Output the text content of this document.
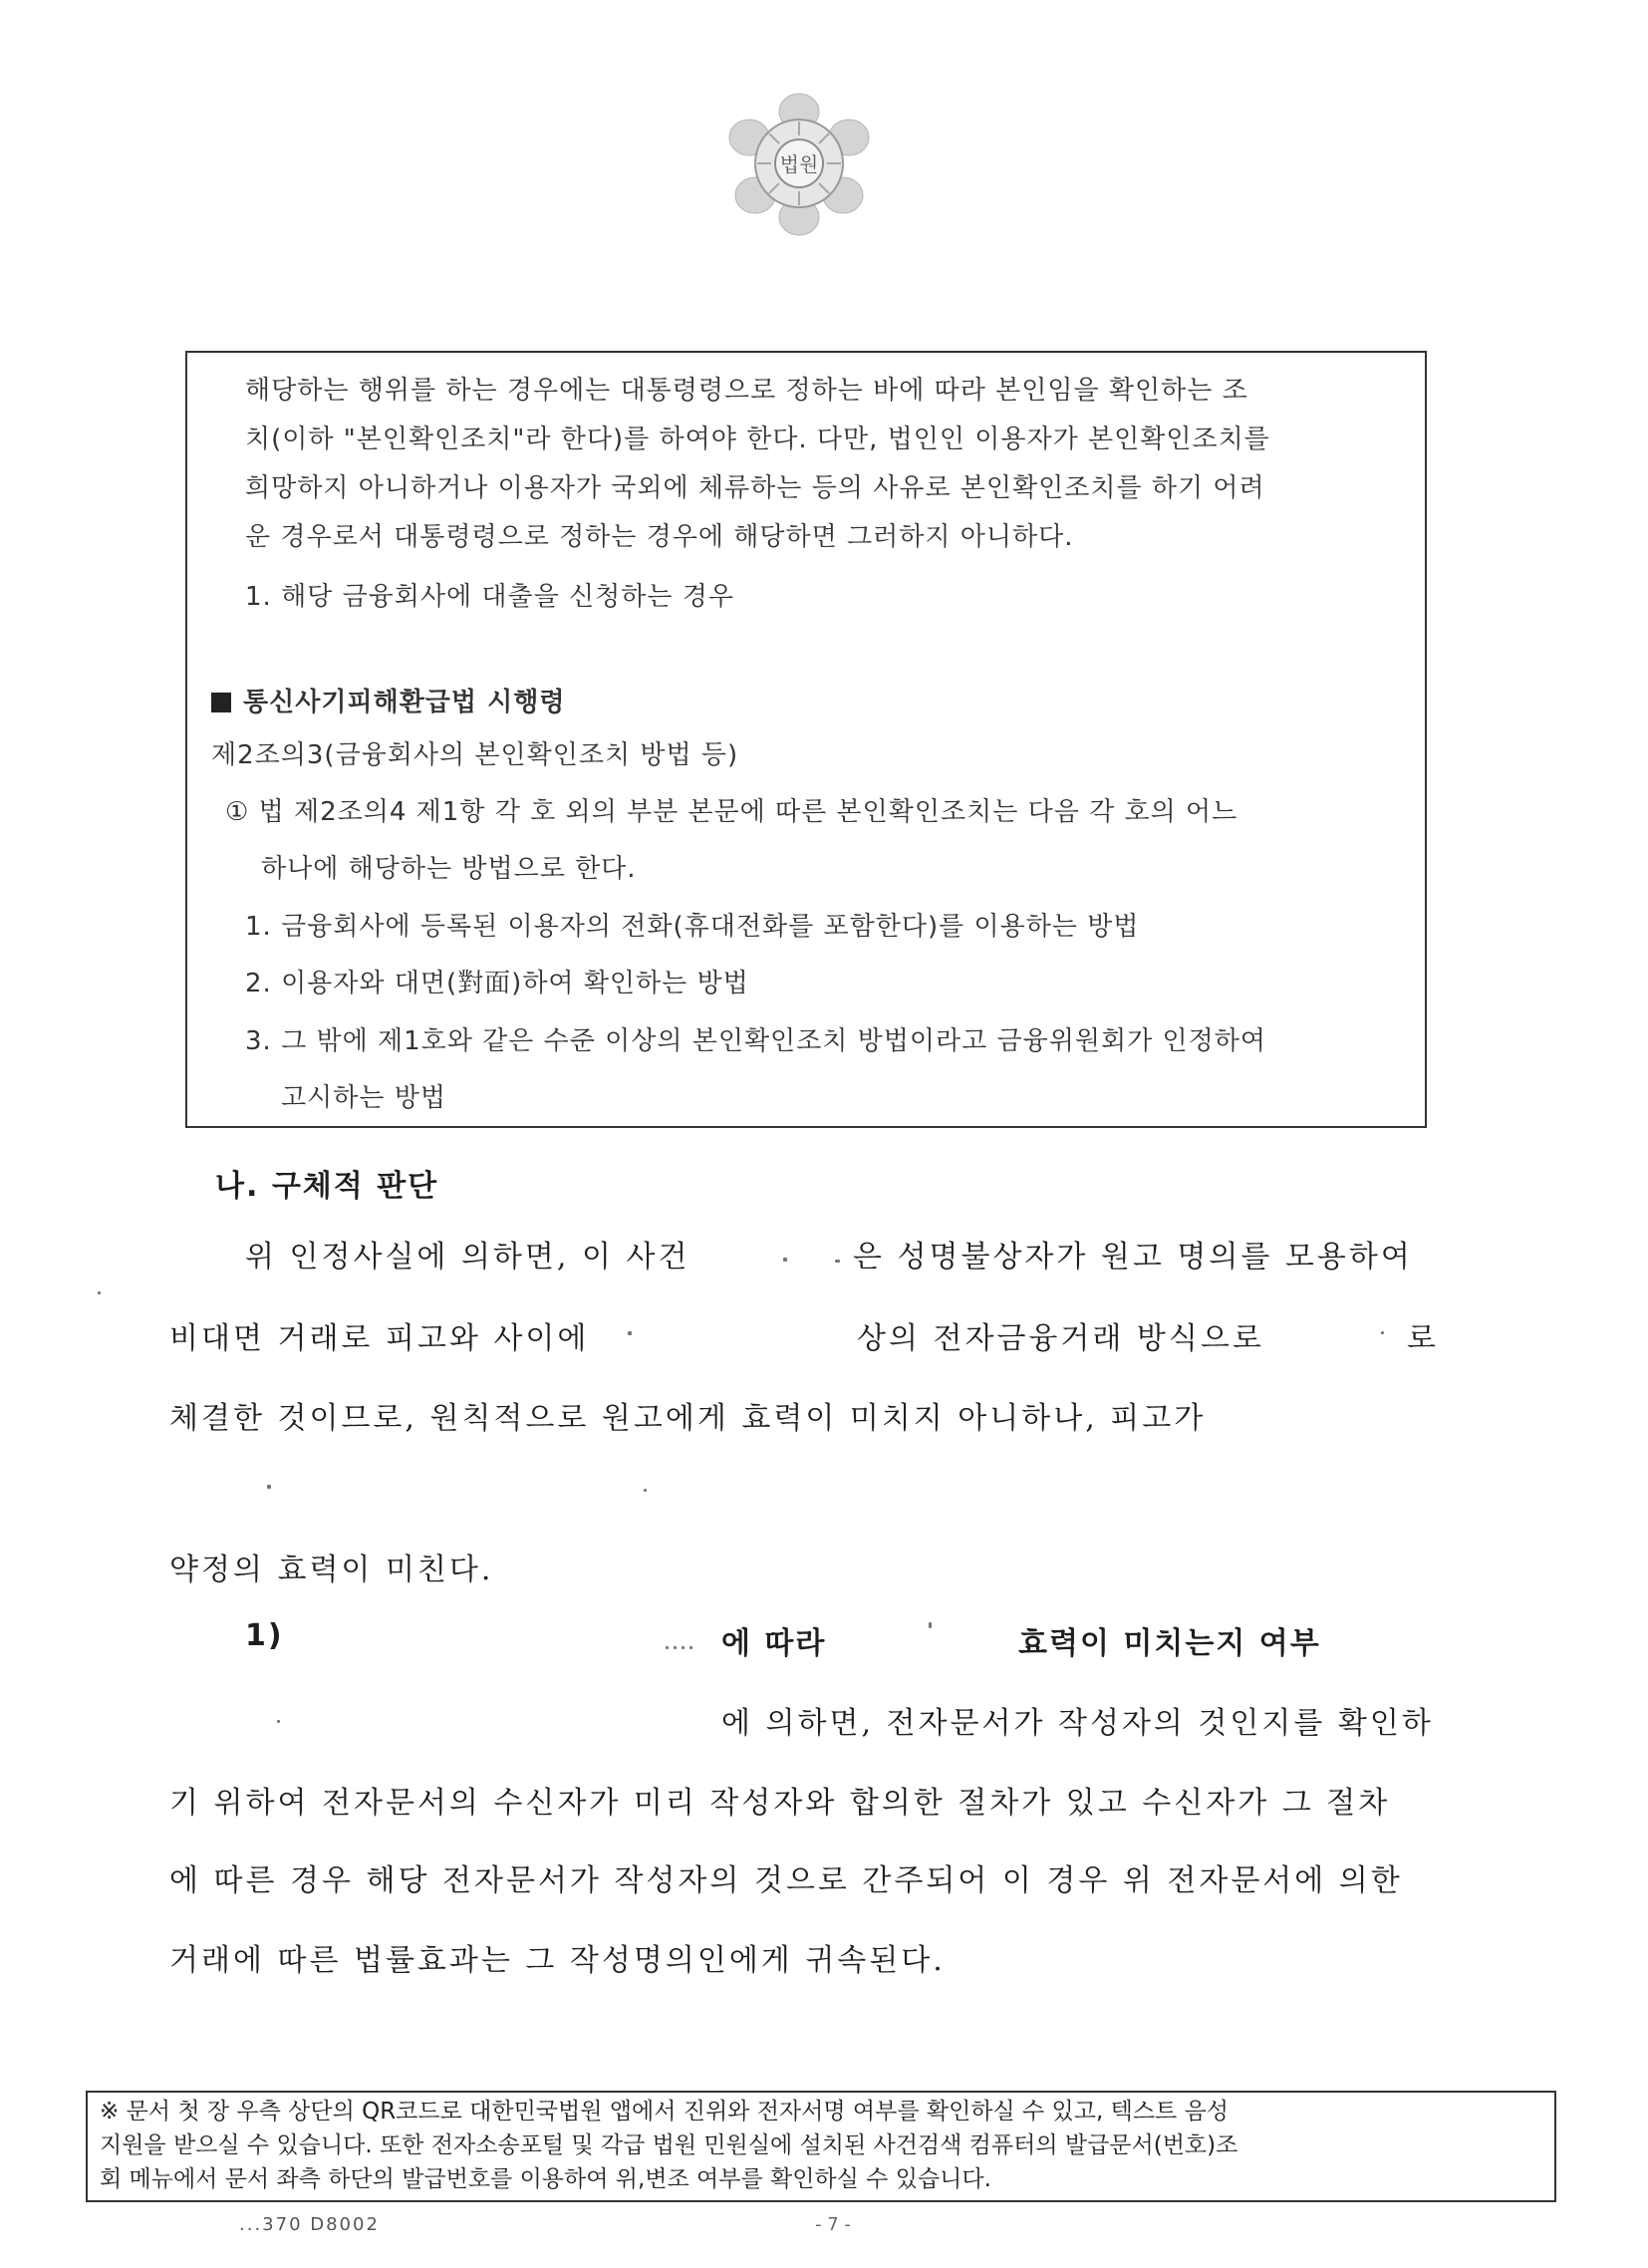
법원
해당하는 행위를 하는 경우에는 대통령령으로 정하는 바에 따라 본인임을 확인하는 조
치(이하 "본인확인조치"라 한다)를 하여야 한다. 다만, 법인인 이용자가 본인확인조치를
희망하지 아니하거나 이용자가 국외에 체류하는 등의 사유로 본인확인조치를 하기 어려
운 경우로서 대통령령으로 정하는 경우에 해당하면 그러하지 아니하다.
1. 해당 금융회사에 대출을 신청하는 경우
통신사기피해환급법 시행령
제2조의3(금융회사의 본인확인조치 방법 등)
① 법 제2조의4 제1항 각 호 외의 부분 본문에 따른 본인확인조치는 다음 각 호의 어느
하나에 해당하는 방법으로 한다.
1. 금융회사에 등록된 이용자의 전화(휴대전화를 포함한다)를 이용하는 방법
2. 이용자와 대면(對面)하여 확인하는 방법
3. 그 밖에 제1호와 같은 수준 이상의 본인확인조치 방법이라고 금융위원회가 인정하여
고시하는 방법
나. 구체적 판단
위 인정사실에 의하면, 이 사건	은 성명불상자가 원고 명의를 모용하여
비대면 거래로 피고와 사이에	상의 전자금융거래 방식으로	로
체결한 것이므로, 원칙적으로 원고에게 효력이 미치지 아니하나, 피고가
약정의 효력이 미친다.
1)	에 따라	효력이 미치는지 여부
에 의하면, 전자문서가 작성자의 것인지를 확인하
기 위하여 전자문서의 수신자가 미리 작성자와 합의한 절차가 있고 수신자가 그 절차
에 따른 경우 해당 전자문서가 작성자의 것으로 간주되어 이 경우 위 전자문서에 의한
거래에 따른 법률효과는 그 작성명의인에게 귀속된다.
※ 문서 첫 장 우측 상단의 QR코드로 대한민국법원 앱에서 진위와 전자서명 여부를 확인하실 수 있고, 텍스트 음성
지원을 받으실 수 있습니다. 또한 전자소송포털 및 각급 법원 민원실에 설치된 사건검색 컴퓨터의 발급문서(번호)조
회 메뉴에서 문서 좌측 하단의 발급번호를 이용하여 위,변조 여부를 확인하실 수 있습니다.
...370 D8002	- 7 -
